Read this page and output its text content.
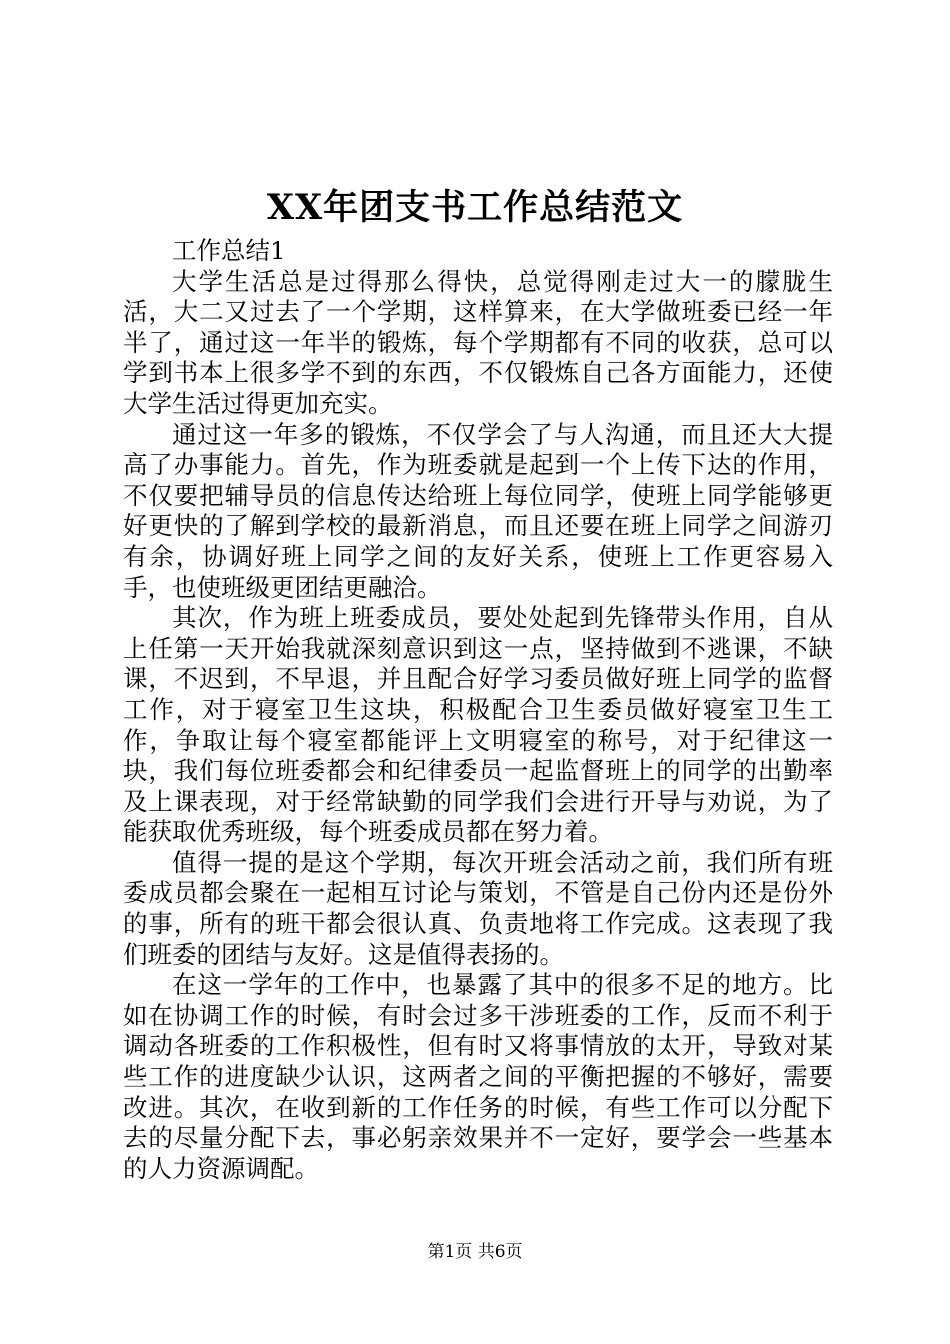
XX年团支书工作总结范文

工作总结1

大学生活总是过得那么得快，总觉得刚走过大一的朦胧生活，大二又过去了一个学期，这样算来，在大学做班委已经一年半了，通过这一年半的锻炼，每个学期都有不同的收获，总可以学到书本上很多学不到的东西，不仅锻炼自己各方面能力，还使大学生活过得更加充实。

通过这一年多的锻炼，不仅学会了与人沟通，而且还大大提高了办事能力。首先，作为班委就是起到一个上传下达的作用，不仅要把辅导员的信息传达给班上每位同学，使班上同学能够更好更快的了解到学校的最新消息，而且还要在班上同学之间游刃有余，协调好班上同学之间的友好关系，使班上工作更容易入手，也使班级更团结更融洽。

其次，作为班上班委成员，要处处起到先锋带头作用，自从上任第一天开始我就深刻意识到这一点，坚持做到不逃课，不缺课，不迟到，不早退，并且配合好学习委员做好班上同学的监督工作，对于寝室卫生这块，积极配合卫生委员做好寝室卫生工作，争取让每个寝室都能评上文明寝室的称号，对于纪律这一块，我们每位班委都会和纪律委员一起监督班上的同学的出勤率及上课表现，对于经常缺勤的同学我们会进行开导与劝说，为了能获取优秀班级，每个班委成员都在努力着。

值得一提的是这个学期，每次开班会活动之前，我们所有班委成员都会聚在一起相互讨论与策划，不管是自己份内还是份外的事，所有的班干都会很认真、负责地将工作完成。这表现了我们班委的团结与友好。这是值得表扬的。

在这一学年的工作中，也暴露了其中的很多不足的地方。比如在协调工作的时候，有时会过多干涉班委的工作，反而不利于调动各班委的工作积极性，但有时又将事情放的太开，导致对某些工作的进度缺少认识，这两者之间的平衡把握的不够好，需要改进。其次，在收到新的工作任务的时候，有些工作可以分配下去的尽量分配下去，事必躬亲效果并不一定好，要学会一些基本的人力资源调配。

第1页 共6页
